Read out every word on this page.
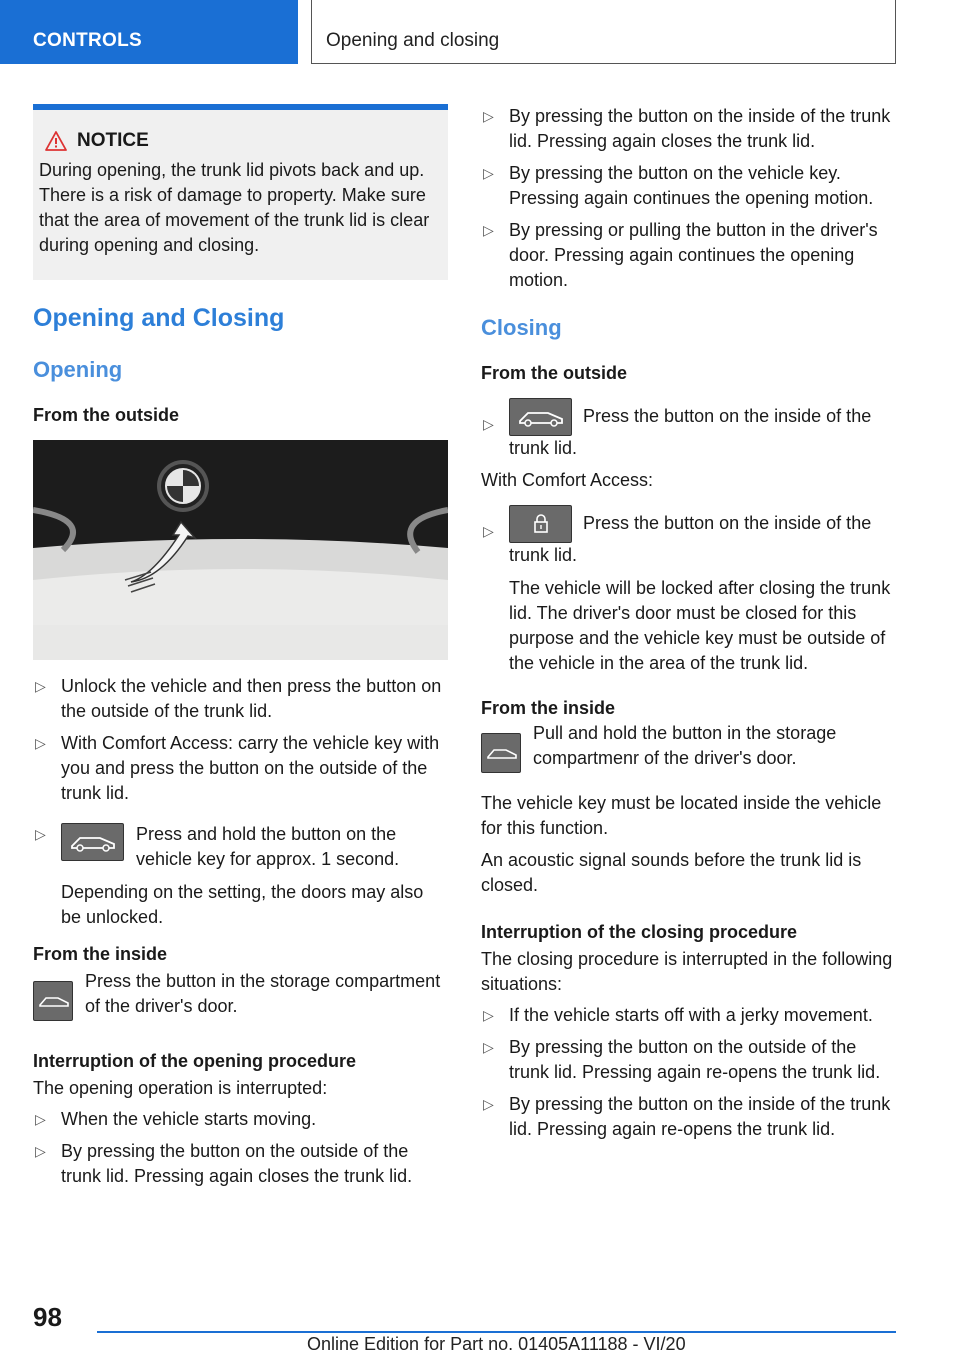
CONTROLS	Opening and closing
NOTICE

During opening, the trunk lid pivots back and up. There is a risk of damage to property. Make sure that the area of movement of the trunk lid is clear during opening and closing.

Opening and Closing
Opening
From the outside
▷ Unlock the vehicle and then press the button on the outside of the trunk lid.
▷ With Comfort Access: carry the vehicle key with you and press the button on the outside of the trunk lid.
▷	Press and hold the button on the vehicle key for approx. 1 second.

Depending on the setting, the doors may also be unlocked.

From the inside

Press the button in the storage compartment of the driver's door.

Interruption of the opening procedure

The opening operation is interrupted:

▷ When the vehicle starts moving.
▷ By pressing the button on the outside of the trunk lid. Pressing again closes the trunk lid.
▷ By pressing the button on the inside of the trunk lid. Pressing again closes the trunk lid.
▷ By pressing the button on the vehicle key. Pressing again continues the opening motion.
▷ By pressing or pulling the button in the driver's door. Pressing again continues the opening motion.
Closing
From the outside
▷	Press the button on the inside of the trunk lid.

With Comfort Access:

▷	Press the button on the inside of the trunk lid.

The vehicle will be locked after closing the trunk lid. The driver's door must be closed for this purpose and the vehicle key must be outside of the vehicle in the area of the trunk lid.

From the inside

Pull and hold the button in the storage compartmenr of the driver's door.

The vehicle key must be located inside the vehicle for this function.

An acoustic signal sounds before the trunk lid is closed.

Interruption of the closing procedure

The closing procedure is interrupted in the following situations:

▷ If the vehicle starts off with a jerky movement.
▷ By pressing the button on the outside of the trunk lid. Pressing again re-opens the trunk lid.
▷ By pressing the button on the inside of the trunk lid. Pressing again re-opens the trunk lid.
98
Online Edition for Part no. 01405A11188 - VI/20
